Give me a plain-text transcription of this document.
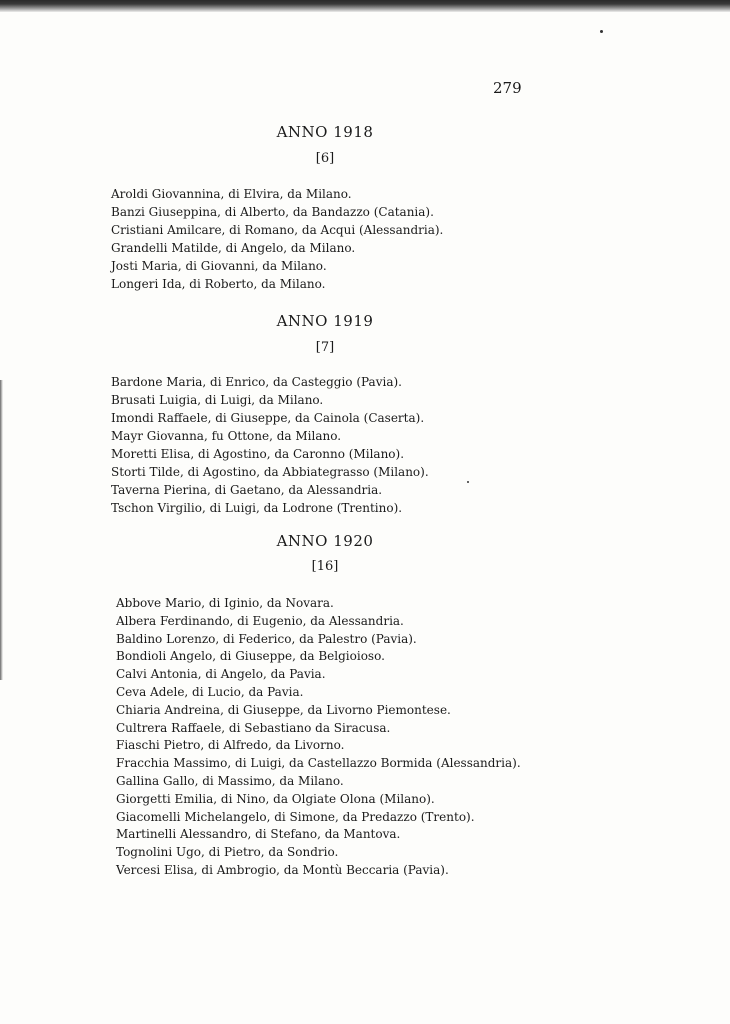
279
ANNO 1918
[6]
Aroldi Giovannina, di Elvira, da Milano.
Banzi Giuseppina, di Alberto, da Bandazzo (Catania).
Cristiani Amilcare, di Romano, da Acqui (Alessandria).
Grandelli Matilde, di Angelo, da Milano.
Josti Maria, di Giovanni, da Milano.
Longeri Ida, di Roberto, da Milano.
ANNO 1919
[7]
Bardone Maria, di Enrico, da Casteggio (Pavia).
Brusati Luigia, di Luigi, da Milano.
Imondi Raffaele, di Giuseppe, da Cainola (Caserta).
Mayr Giovanna, fu Ottone, da Milano.
Moretti Elisa, di Agostino, da Caronno (Milano).
Storti Tilde, di Agostino, da Abbiategrasso (Milano).
Taverna Pierina, di Gaetano, da Alessandria.
Tschon Virgilio, di Luigi, da Lodrone (Trentino).
ANNO 1920
[16]
Abbove Mario, di Iginio, da Novara.
Albera Ferdinando, di Eugenio, da Alessandria.
Baldino Lorenzo, di Federico, da Palestro (Pavia).
Bondioli Angelo, di Giuseppe, da Belgioioso.
Calvi Antonia, di Angelo, da Pavia.
Ceva Adele, di Lucio, da Pavia.
Chiaria Andreina, di Giuseppe, da Livorno Piemontese.
Cultrera Raffaele, di Sebastiano da Siracusa.
Fiaschi Pietro, di Alfredo, da Livorno.
Fracchia Massimo, di Luigi, da Castellazzo Bormida (Alessandria).
Gallina Gallo, di Massimo, da Milano.
Giorgetti Emilia, di Nino, da Olgiate Olona (Milano).
Giacomelli Michelangelo, di Simone, da Predazzo (Trento).
Martinelli Alessandro, di Stefano, da Mantova.
Tognolini Ugo, di Pietro, da Sondrio.
Vercesi Elisa, di Ambrogio, da Montù Beccaria (Pavia).
